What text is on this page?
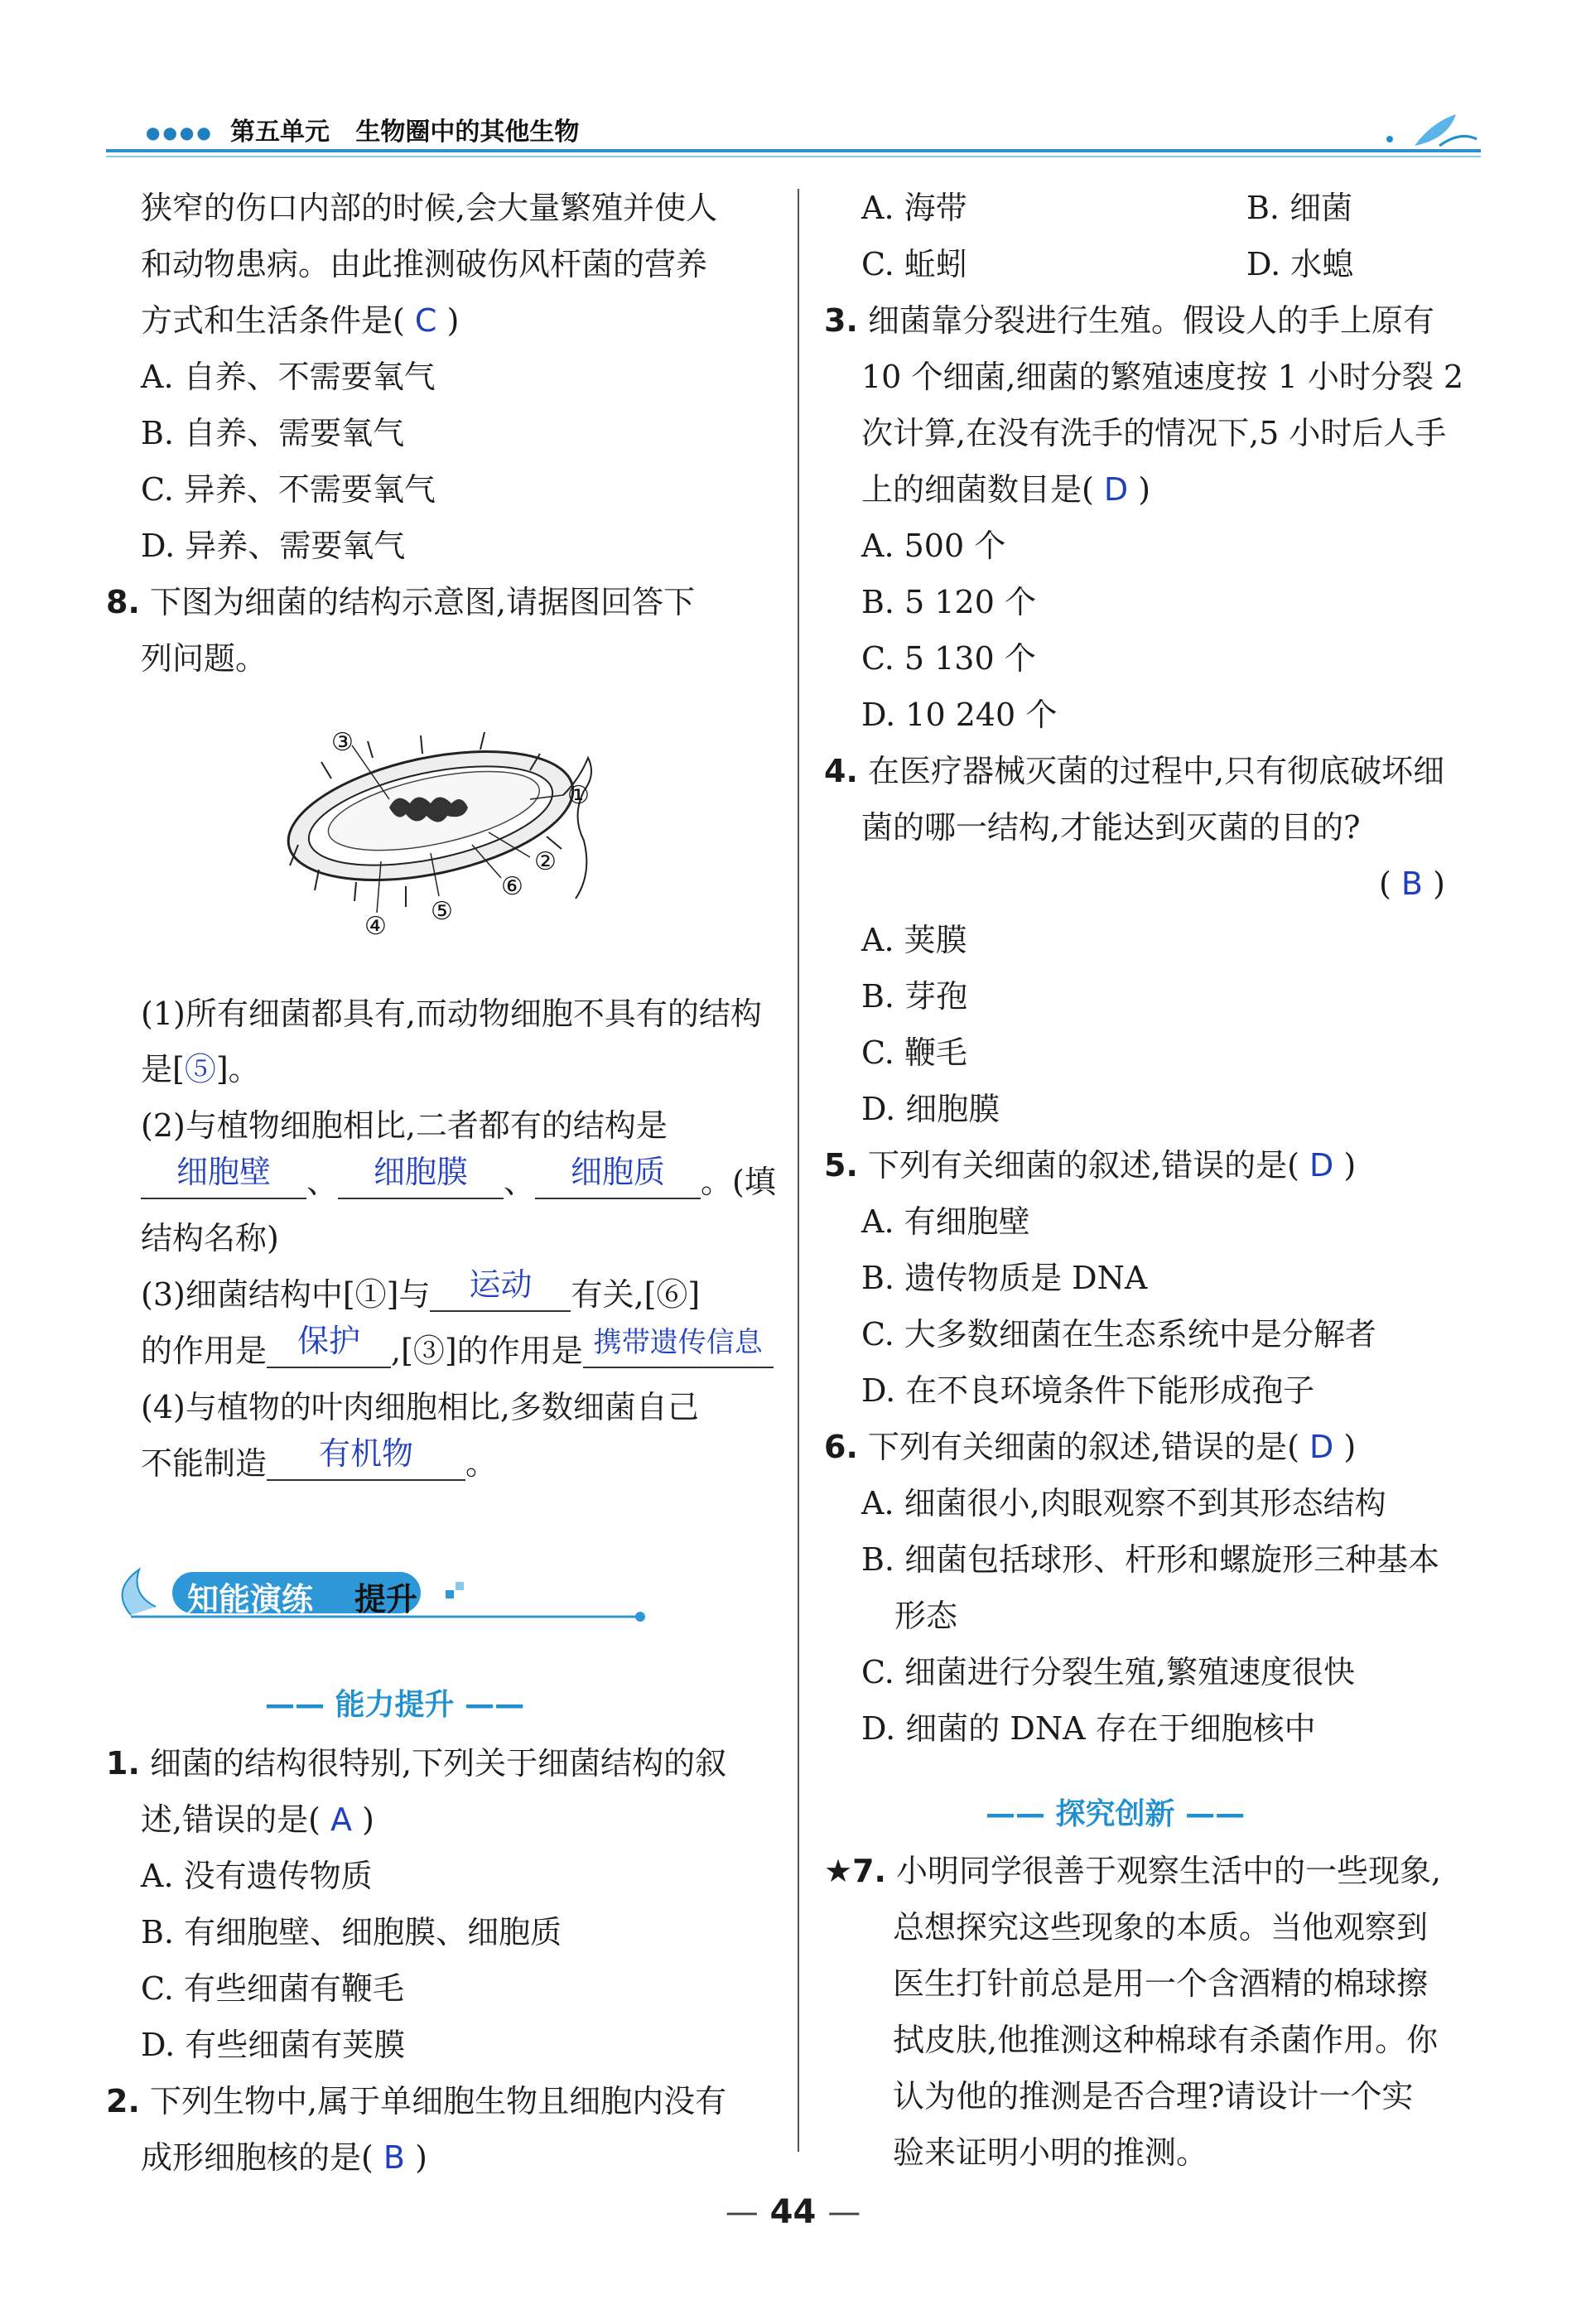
●●●● 第五单元 生物圈中的其他生物
狭窄的伤口内部的时候,会大量繁殖并使人
和动物患病。由此推测破伤风杆菌的营养
方式和生活条件是( C )
A. 自养、不需要氧气
B. 自养、需要氧气
C. 异养、不需要氧气
D. 异养、需要氧气
8. 下图为细菌的结构示意图,请据图回答下
列问题。
③
①
②
⑥
⑤
④
(1)所有细菌都具有,而动物细胞不具有的结构
是[⑤]。
(2)与植物细胞相比,二者都有的结构是
细胞壁 、 细胞膜 、 细胞质 。(填
结构名称)
(3)细菌结构中[①]与 运动 有关,[⑥]
的作用是 保护 ,[③]的作用是 携带遗传信息
(4)与植物的叶肉细胞相比,多数细菌自己
不能制造 有机物 。
知能演练 提升
—— 能力提升 ——
1. 细菌的结构很特别,下列关于细菌结构的叙
述,错误的是( A )
A. 没有遗传物质
B. 有细胞壁、细胞膜、细胞质
C. 有些细菌有鞭毛
D. 有些细菌有荚膜
2. 下列生物中,属于单细胞生物且细胞内没有
成形细胞核的是( B )
A. 海带	B. 细菌
C. 蚯蚓	D. 水螅
3. 细菌靠分裂进行生殖。假设人的手上原有
10 个细菌,细菌的繁殖速度按 1 小时分裂 2
次计算,在没有洗手的情况下,5 小时后人手
上的细菌数目是( D )
A. 500 个
B. 5 120 个
C. 5 130 个
D. 10 240 个
4. 在医疗器械灭菌的过程中,只有彻底破坏细
菌的哪一结构,才能达到灭菌的目的?
( B )
A. 荚膜
B. 芽孢
C. 鞭毛
D. 细胞膜
5. 下列有关细菌的叙述,错误的是( D )
A. 有细胞壁
B. 遗传物质是 DNA
C. 大多数细菌在生态系统中是分解者
D. 在不良环境条件下能形成孢子
6. 下列有关细菌的叙述,错误的是( D )
A. 细菌很小,肉眼观察不到其形态结构
B. 细菌包括球形、杆形和螺旋形三种基本
形态
C. 细菌进行分裂生殖,繁殖速度很快
D. 细菌的 DNA 存在于细胞核中
—— 探究创新 ——
★7. 小明同学很善于观察生活中的一些现象,
总想探究这些现象的本质。当他观察到
医生打针前总是用一个含酒精的棉球擦
拭皮肤,他推测这种棉球有杀菌作用。你
认为他的推测是否合理?请设计一个实
验来证明小明的推测。
— 44 —
